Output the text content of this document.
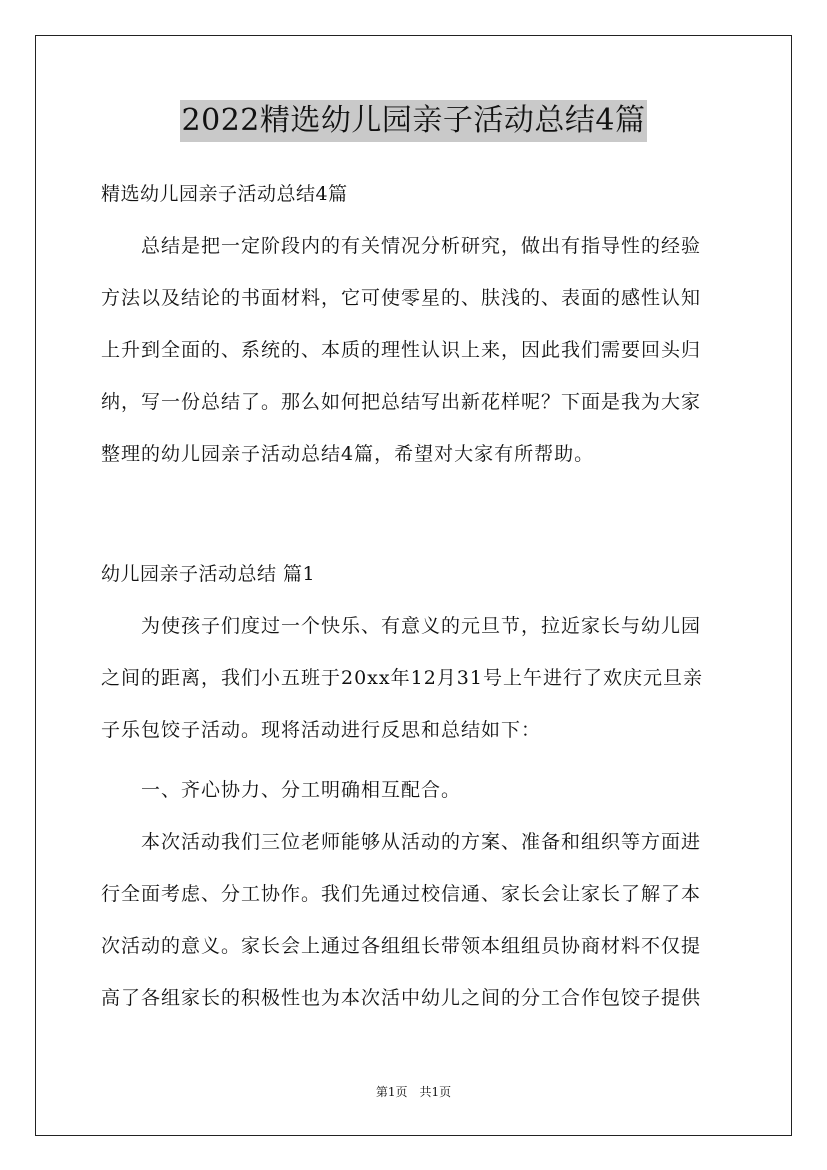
2022精选幼儿园亲子活动总结4篇
精选幼儿园亲子活动总结4篇
总结是把一定阶段内的有关情况分析研究，做出有指导性的经验
方法以及结论的书面材料，它可使零星的、肤浅的、表面的感性认知
上升到全面的、系统的、本质的理性认识上来，因此我们需要回头归
纳，写一份总结了。那么如何把总结写出新花样呢？下面是我为大家
整理的幼儿园亲子活动总结4篇，希望对大家有所帮助。
幼儿园亲子活动总结 篇1
为使孩子们度过一个快乐、有意义的元旦节，拉近家长与幼儿园
之间的距离，我们小五班于20xx年12月31号上午进行了欢庆元旦亲
子乐包饺子活动。现将活动进行反思和总结如下：
一、齐心协力、分工明确相互配合。
本次活动我们三位老师能够从活动的方案、准备和组织等方面进
行全面考虑、分工协作。我们先通过校信通、家长会让家长了解了本
次活动的意义。家长会上通过各组组长带领本组组员协商材料不仅提
高了各组家长的积极性也为本次活中幼儿之间的分工合作包饺子提供
第1页　共1页
